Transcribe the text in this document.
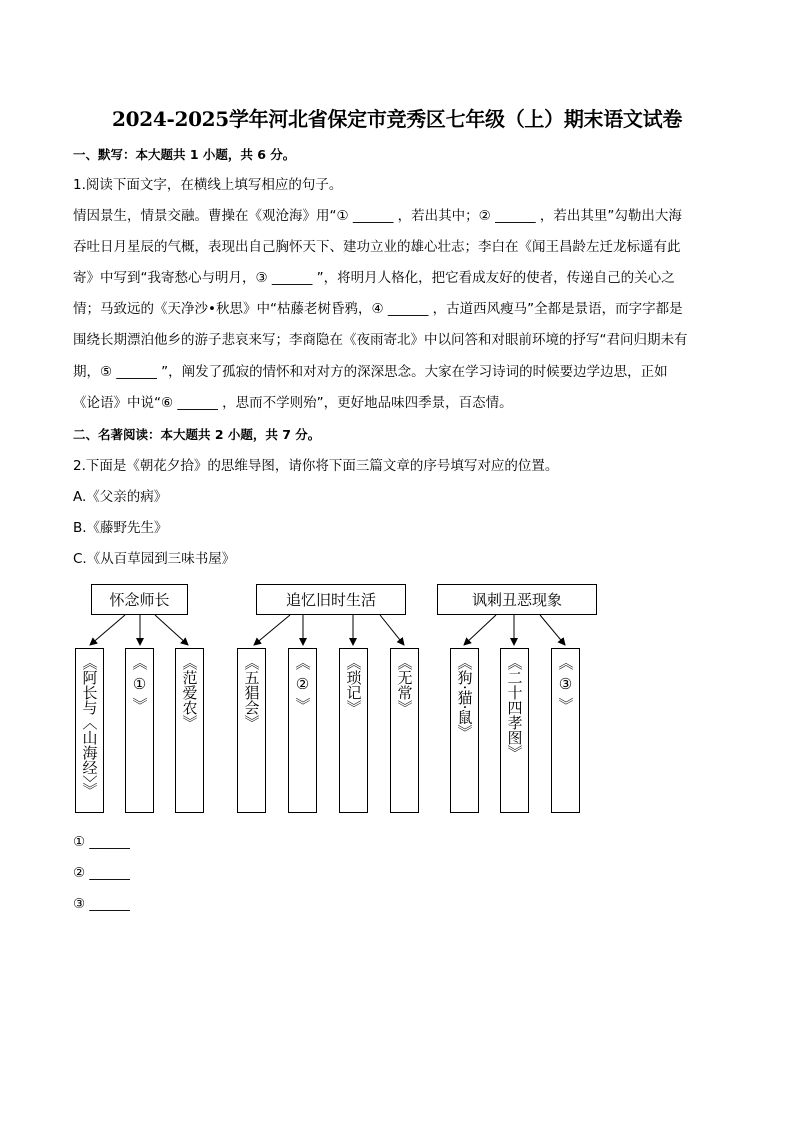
2024-2025学年河北省保定市竞秀区七年级（上）期末语文试卷
一、默写：本大题共 1 小题，共 6 分。
1.阅读下面文字，在横线上填写相应的句子。
情因景生，情景交融。曹操在《观沧海》用“① ______ ，若出其中；② ______ ，若出其里”勾勒出大海
吞吐日月星辰的气概，表现出自己胸怀天下、建功立业的雄心壮志；李白在《闻王昌龄左迁龙标遥有此
寄》中写到“我寄愁心与明月，③ ______ ”，将明月人格化，把它看成友好的使者，传递自己的关心之
情；马致远的《天净沙•秋思》中“枯藤老树昏鸦，④ ______ ，古道西风瘦马”全都是景语，而字字都是
围绕长期漂泊他乡的游子悲哀来写；李商隐在《夜雨寄北》中以问答和对眼前环境的抒写“君问归期未有
期，⑤ ______ ”，阐发了孤寂的情怀和对对方的深深思念。大家在学习诗词的时候要边学边思，正如
《论语》中说“⑥ ______ ，思而不学则殆”，更好地品味四季景，百态情。
二、名著阅读：本大题共 2 小题，共 7 分。
2.下面是《朝花夕拾》的思维导图，请你将下面三篇文章的序号填写对应的位置。
A.《父亲的病》
B.《藤野先生》
C.《从百草园到三味书屋》
怀念师长	追忆旧时生活	讽刺丑恶现象
《阿长与〈山海经〉》 《 ① 》 《范爱农》	《五猖会》 《 ② 》 《琐记》 《无常》	《狗·猫·鼠》 《二十四孝图》 《 ③ 》
① ______
② ______
③ ______
